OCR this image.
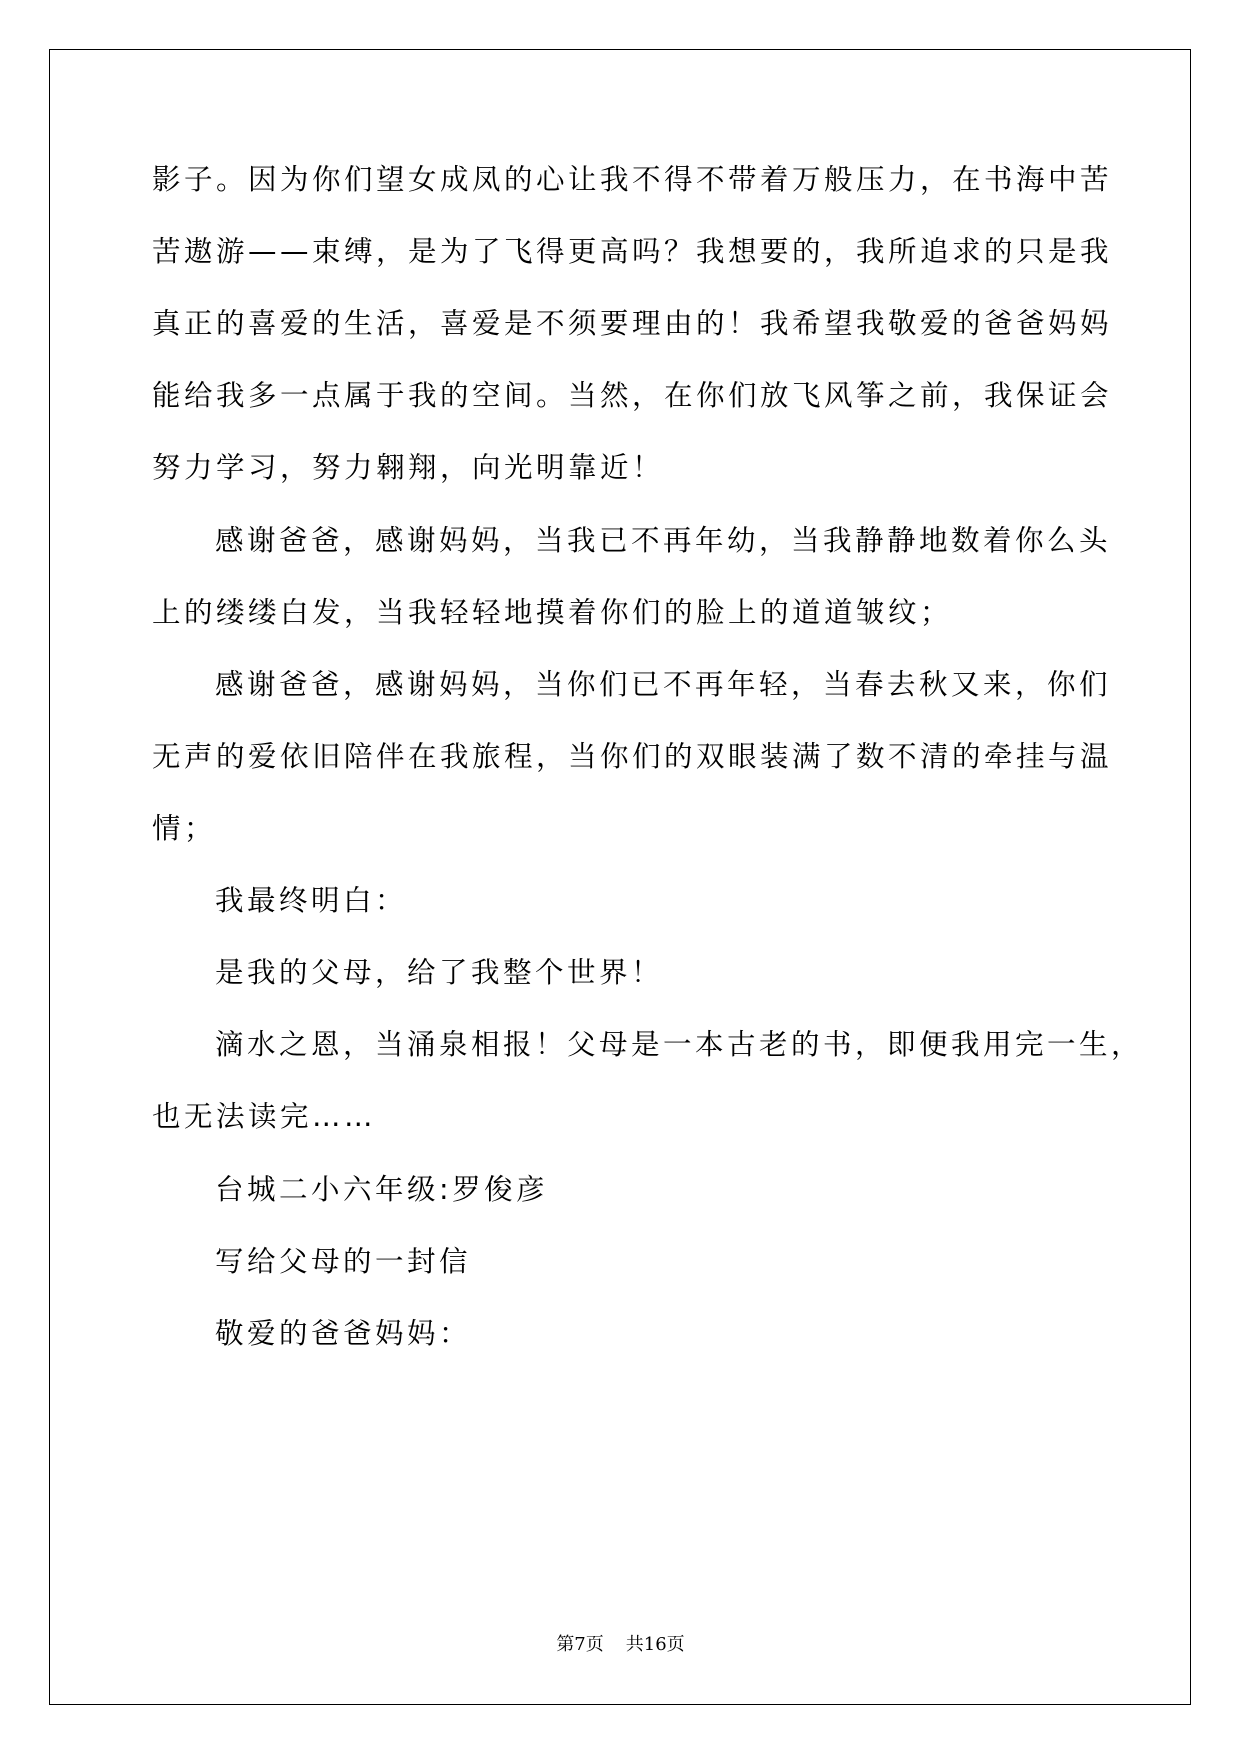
影子。因为你们望女成凤的心让我不得不带着万般压力，在书海中苦
苦遨游——束缚，是为了飞得更高吗？我想要的，我所追求的只是我
真正的喜爱的生活，喜爱是不须要理由的！我希望我敬爱的爸爸妈妈
能给我多一点属于我的空间。当然，在你们放飞风筝之前，我保证会
努力学习，努力翱翔，向光明靠近！
感谢爸爸，感谢妈妈，当我已不再年幼，当我静静地数着你么头
上的缕缕白发，当我轻轻地摸着你们的脸上的道道皱纹；
感谢爸爸，感谢妈妈，当你们已不再年轻，当春去秋又来，你们
无声的爱依旧陪伴在我旅程，当你们的双眼装满了数不清的牵挂与温
情；
我最终明白：
是我的父母，给了我整个世界！
滴水之恩，当涌泉相报！父母是一本古老的书，即便我用完一生，
也无法读完……
台城二小六年级:罗俊彦
写给父母的一封信
敬爱的爸爸妈妈：
第7页 共16页
